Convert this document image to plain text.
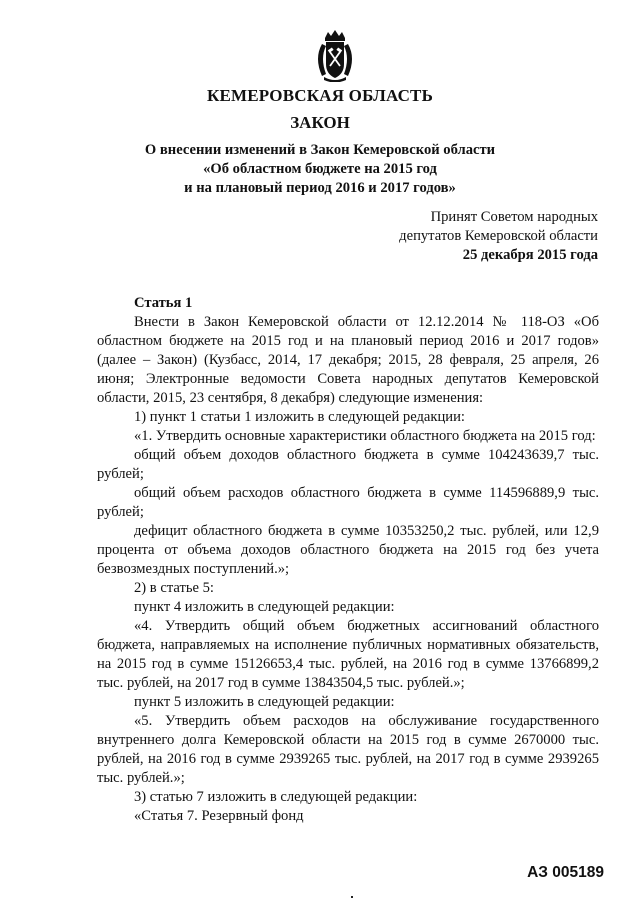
КЕМЕРОВСКАЯ ОБЛАСТЬ
ЗАКОН
О внесении изменений в Закон Кемеровской области
«Об областном бюджете на 2015 год
и на плановый период 2016 и 2017 годов»
Принят Советом народных
депутатов Кемеровской области
25 декабря 2015 года

Статья 1

Внести в Закон Кемеровской области от 12.12.2014 № 118-ОЗ «Об областном бюджете на 2015 год и на плановый период 2016 и 2017 годов» (далее – Закон) (Кузбасс, 2014, 17 декабря; 2015, 28 февраля, 25 апреля, 26 июня; Электронные ведомости Совета народных депутатов Кемеровской области, 2015, 23 сентября, 8 декабря) следующие изменения:

1) пункт 1 статьи 1 изложить в следующей редакции:

«1. Утвердить основные характеристики областного бюджета на 2015 год:

общий объем доходов областного бюджета в сумме 104243639,7 тыс. рублей;

общий объем расходов областного бюджета в сумме 114596889,9 тыс. рублей;

дефицит областного бюджета в сумме 10353250,2 тыс. рублей, или 12,9 процента от объема доходов областного бюджета на 2015 год без учета безвозмездных поступлений.»;

2) в статье 5:

пункт 4 изложить в следующей редакции:

«4. Утвердить общий объем бюджетных ассигнований областного бюджета, направляемых на исполнение публичных нормативных обязательств, на 2015 год в сумме 15126653,4 тыс. рублей, на 2016 год в сумме 13766899,2 тыс. рублей, на 2017 год в сумме 13843504,5 тыс. рублей.»;

пункт 5 изложить в следующей редакции:

«5. Утвердить объем расходов на обслуживание государственного внутреннего долга Кемеровской области на 2015 год в сумме 2670000 тыс. рублей, на 2016 год в сумме 2939265 тыс. рублей, на 2017 год в сумме 2939265 тыс. рублей.»;

3) статью 7 изложить в следующей редакции:

«Статья 7. Резервный фонд

АЗ 005189
